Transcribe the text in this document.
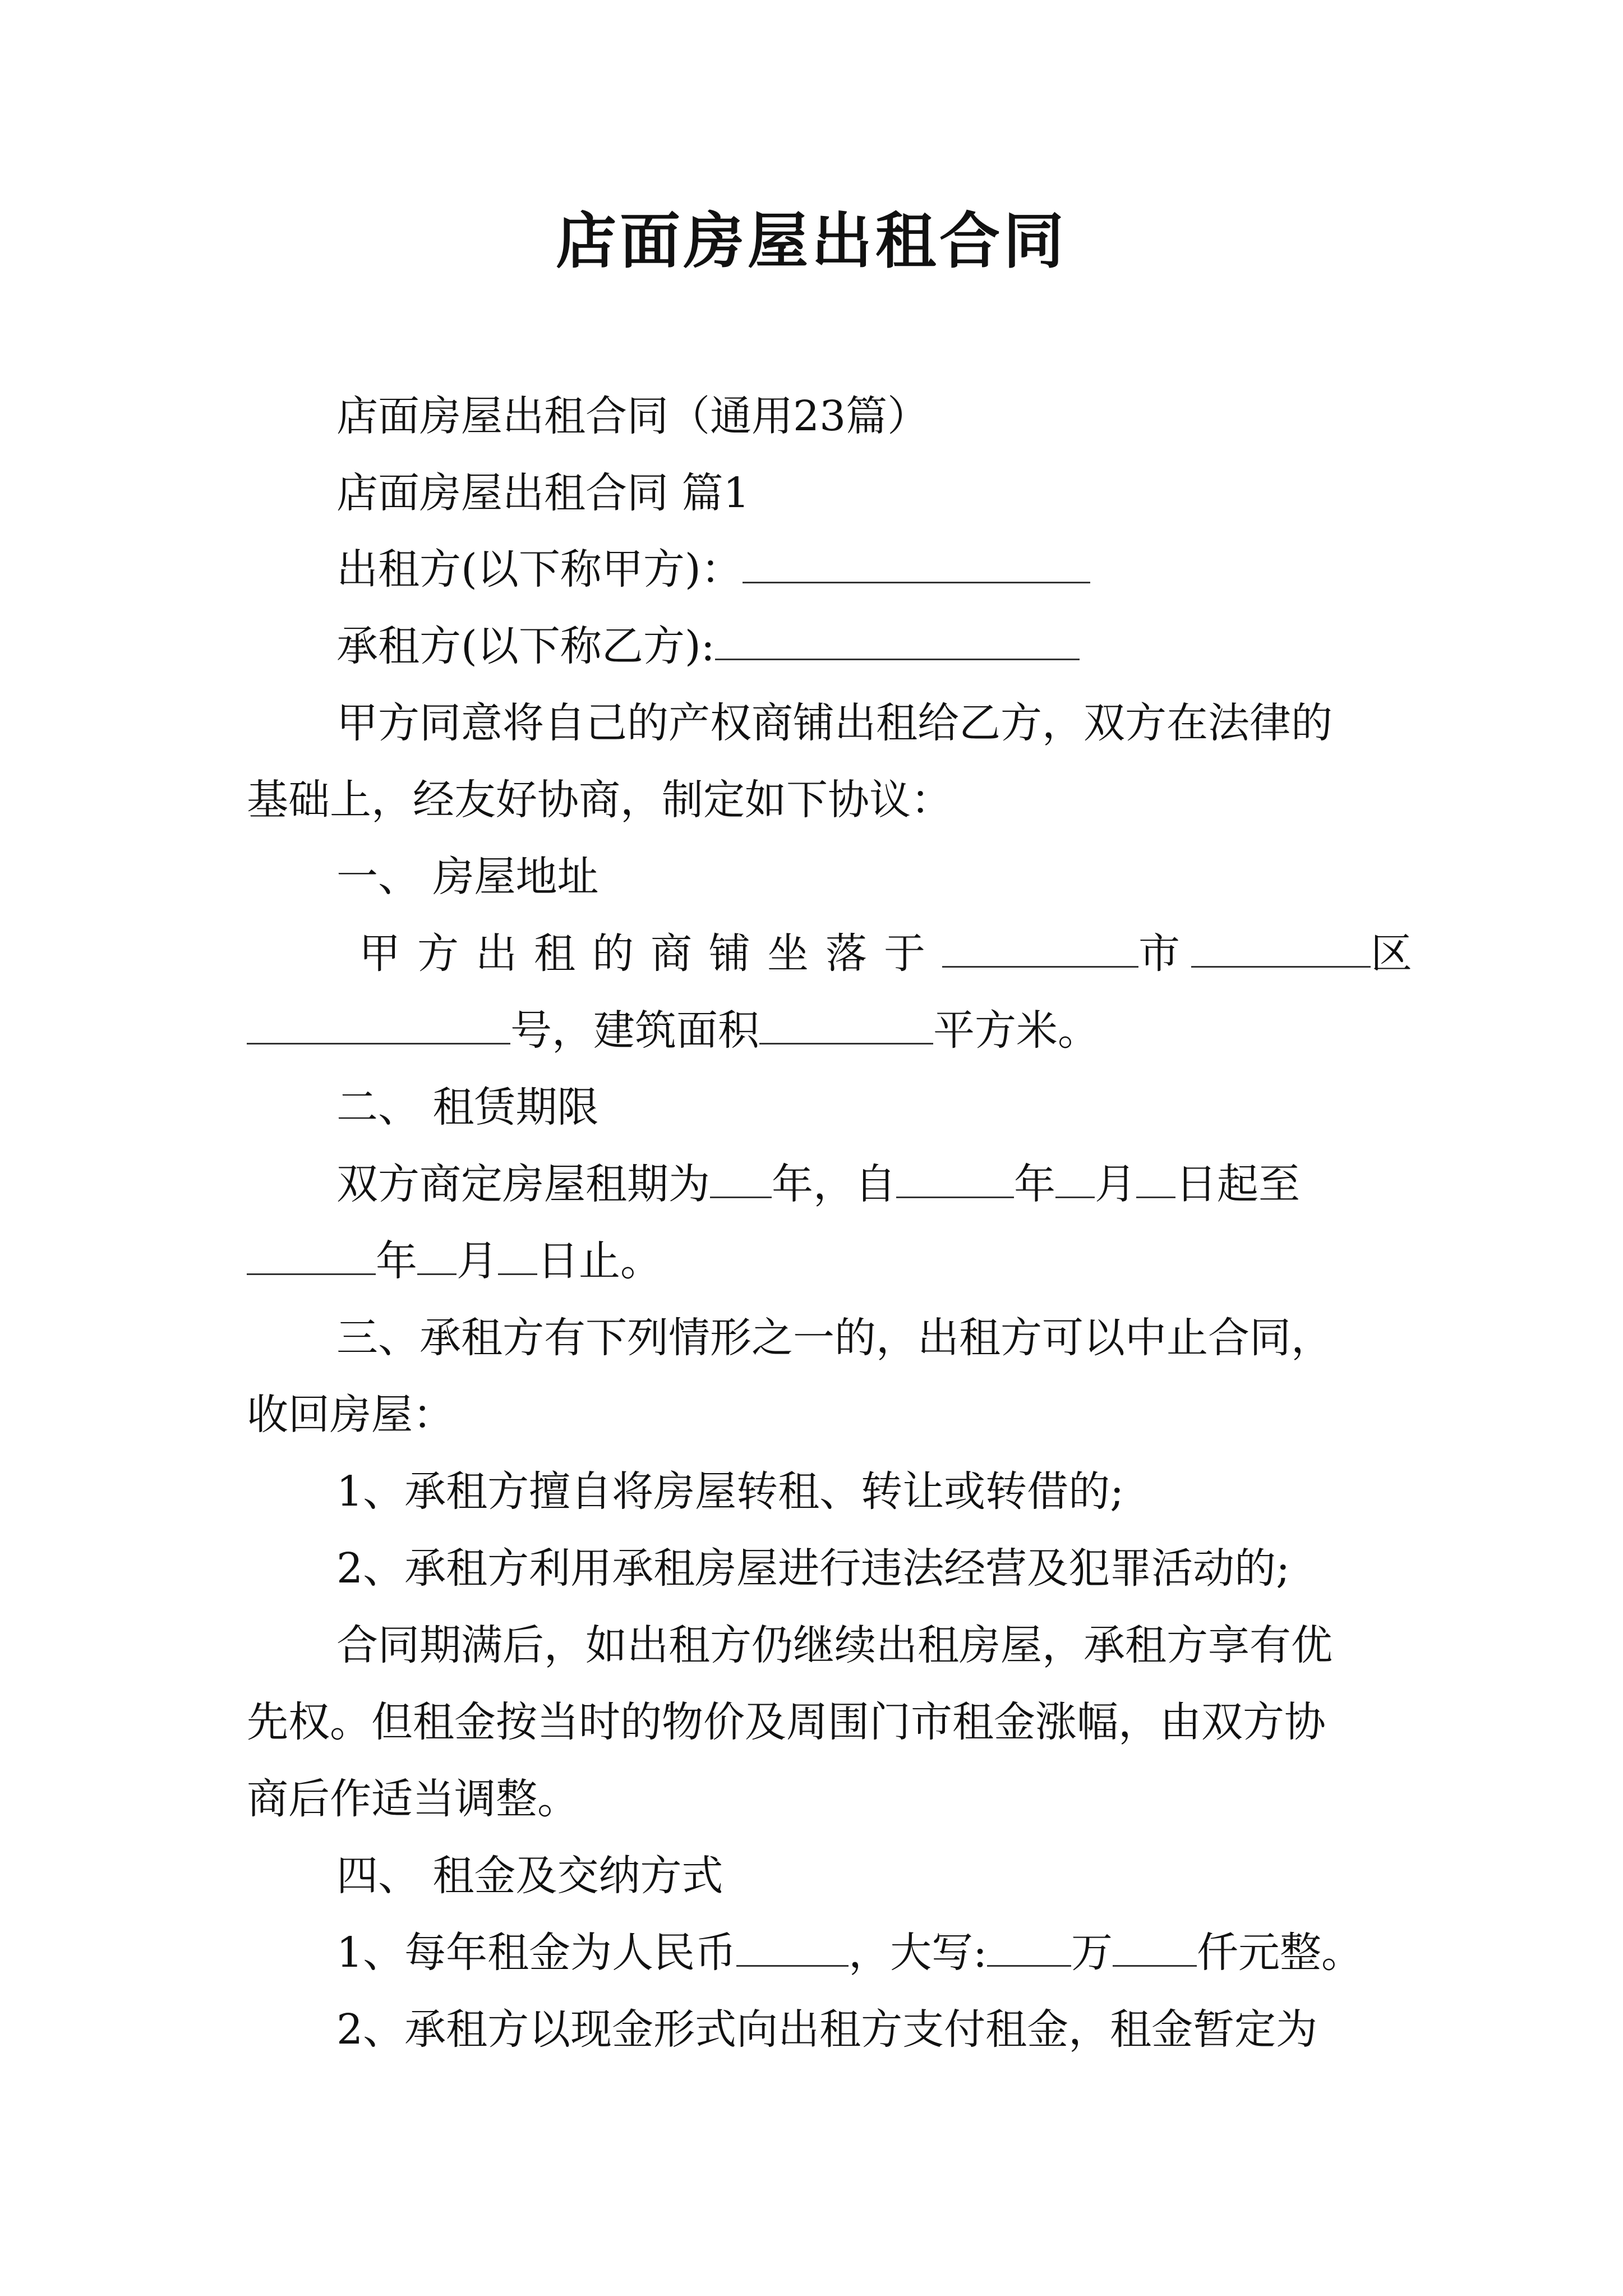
店面房屋出租合同
店面房屋出租合同（通用23篇）
店面房屋出租合同 篇1
出租方(以下称甲方)：
承租方(以下称乙方):
甲方同意将自己的产权商铺出租给乙方，双方在法律的
基础上，经友好协商，制定如下协议：
一、 房屋地址
甲方出租的商铺坐落于	市	区
号，建筑面积	平方米。
二、 租赁期限
双方商定房屋租期为 年，自	年 月 日起至
年 月 日止。
三、承租方有下列情形之一的，出租方可以中止合同，
收回房屋：
1、承租方擅自将房屋转租、转让或转借的;
2、承租方利用承租房屋进行违法经营及犯罪活动的;
合同期满后，如出租方仍继续出租房屋，承租方享有优
先权。但租金按当时的物价及周围门市租金涨幅，由双方协
商后作适当调整。
四、 租金及交纳方式
1、每年租金为人民币	，大写: 万 仟元整。
2、承租方以现金形式向出租方支付租金，租金暂定为
